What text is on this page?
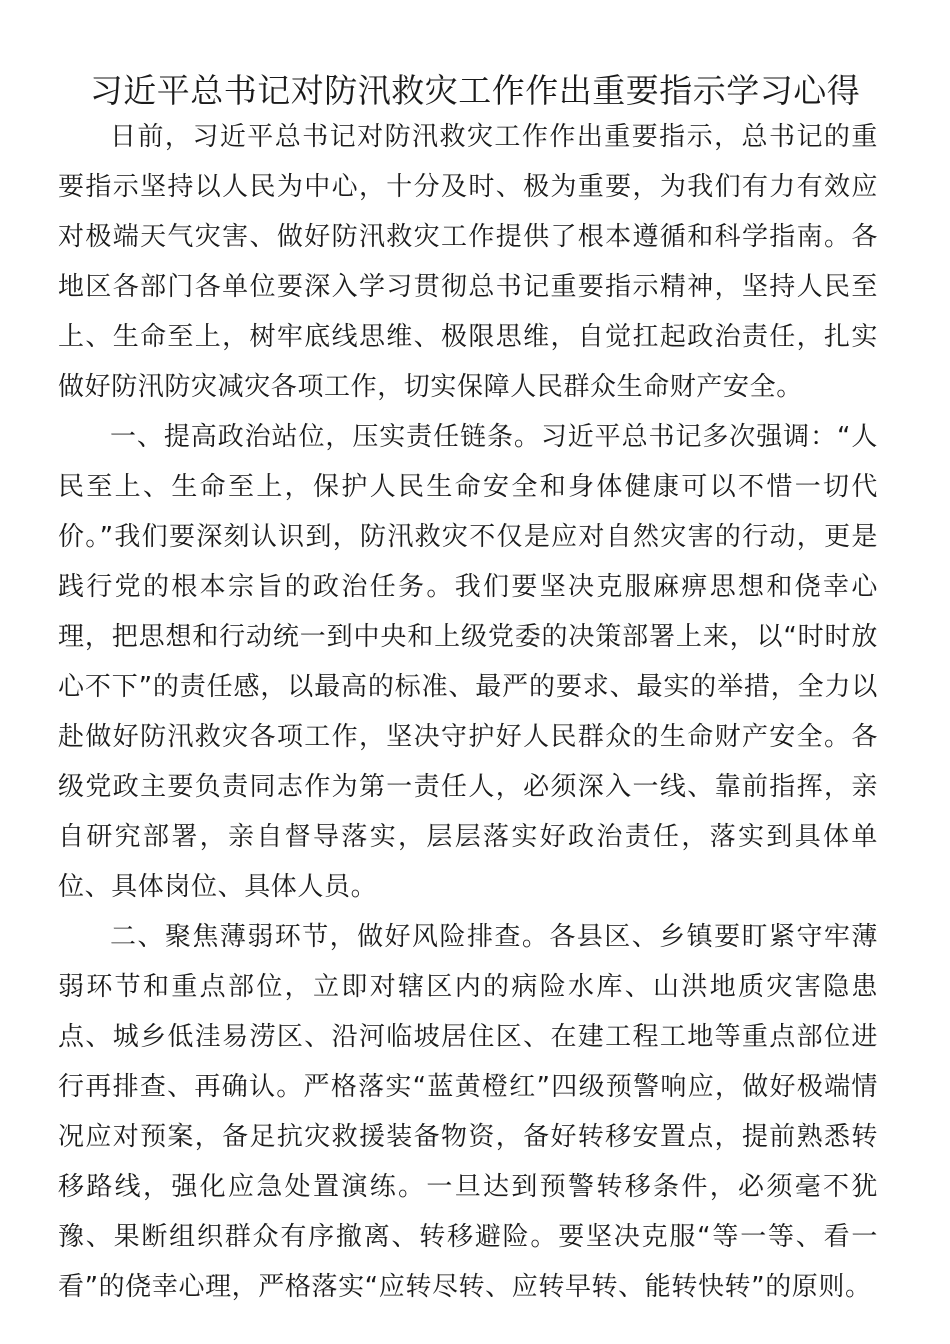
习近平总书记对防汛救灾工作作出重要指示学习心得

日前，习近平总书记对防汛救灾工作作出重要指示，总书记的重要指示坚持以人民为中心，十分及时、极为重要，为我们有力有效应对极端天气灾害、做好防汛救灾工作提供了根本遵循和科学指南。各地区各部门各单位要深入学习贯彻总书记重要指示精神，坚持人民至上、生命至上，树牢底线思维、极限思维，自觉扛起政治责任，扎实做好防汛防灾减灾各项工作，切实保障人民群众生命财产安全。

一、提高政治站位，压实责任链条。习近平总书记多次强调：“人民至上、生命至上，保护人民生命安全和身体健康可以不惜一切代价。”我们要深刻认识到，防汛救灾不仅是应对自然灾害的行动，更是践行党的根本宗旨的政治任务。我们要坚决克服麻痹思想和侥幸心理，把思想和行动统一到中央和上级党委的决策部署上来，以“时时放心不下”的责任感，以最高的标准、最严的要求、最实的举措，全力以赴做好防汛救灾各项工作，坚决守护好人民群众的生命财产安全。各级党政主要负责同志作为第一责任人，必须深入一线、靠前指挥，亲自研究部署，亲自督导落实，层层落实好政治责任，落实到具体单位、具体岗位、具体人员。

二、聚焦薄弱环节，做好风险排查。各县区、乡镇要盯紧守牢薄弱环节和重点部位，立即对辖区内的病险水库、山洪地质灾害隐患点、城乡低洼易涝区、沿河临坡居住区、在建工程工地等重点部位进行再排查、再确认。严格落实“蓝黄橙红”四级预警响应，做好极端情况应对预案，备足抗灾救援装备物资，备好转移安置点，提前熟悉转移路线，强化应急处置演练。一旦达到预警转移条件，必须毫不犹豫、果断组织群众有序撤离、转移避险。要坚决克服“等一等、看一看”的侥幸心理，严格落实“应转尽转、应转早转、能转快转”的原则。
